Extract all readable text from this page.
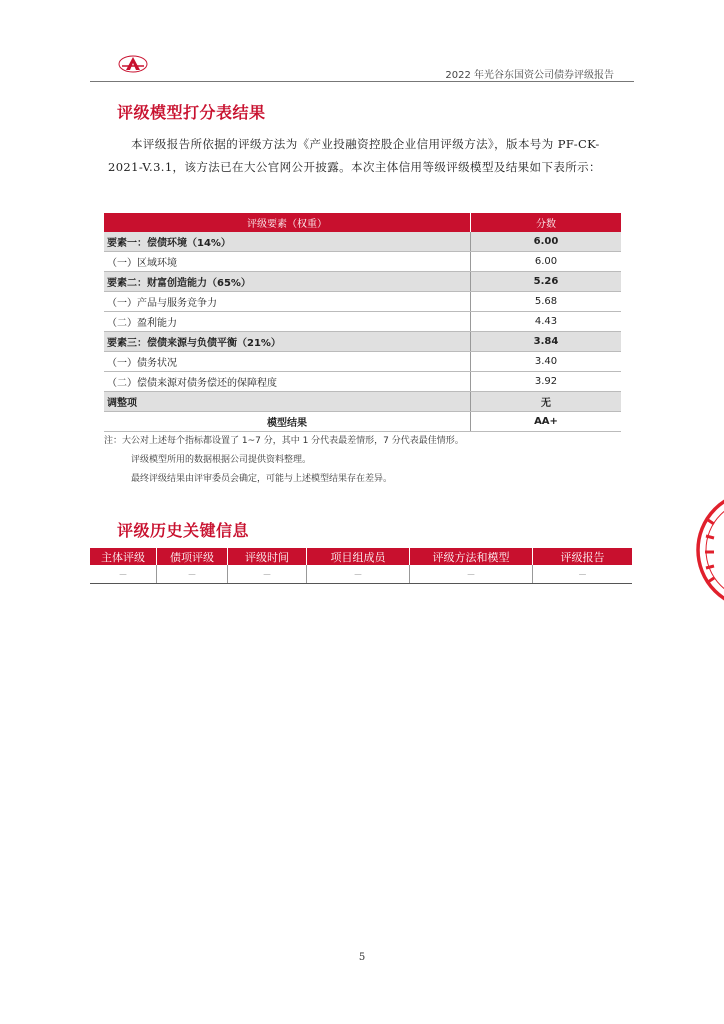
2022 年光谷东国资公司债券评级报告
评级模型打分表结果
本评级报告所依据的评级方法为《产业投融资控股企业信用评级方法》，版本号为 PF-CK-2021-V.3.1，该方法已在大公官网公开披露。本次主体信用等级评级模型及结果如下表所示：
评级要素（权重）	分数
要素一：偿债环境（14%）	6.00
（一）区域环境	6.00
要素二：财富创造能力（65%）	5.26
（一）产品与服务竞争力	5.68
（二）盈利能力	4.43
要素三：偿债来源与负债平衡（21%）	3.84
（一）债务状况	3.40
（二）偿债来源对债务偿还的保障程度	3.92
调整项	无
模型结果	AA+
注：大公对上述每个指标都设置了 1~7 分，其中 1 分代表最差情形，7 分代表最佳情形。
评级模型所用的数据根据公司提供资料整理。
最终评级结果由评审委员会确定，可能与上述模型结果存在差异。
评级历史关键信息
主体评级	债项评级	评级时间	项目组成员	评级方法和模型	评级报告
－	－	－	－	－	－
5
